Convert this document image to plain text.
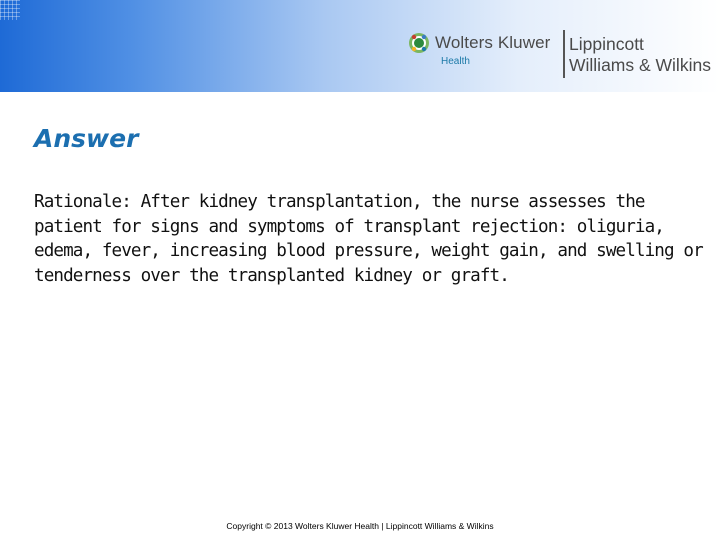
Wolters Kluwer
Health
Lippincott
Williams & Wilkins
Answer

Rationale: After kidney transplantation, the nurse assesses the patient for signs and symptoms of transplant rejection: oliguria, edema, fever, increasing blood pressure, weight gain, and swelling or tenderness over the transplanted kidney or graft.

Copyright © 2013 Wolters Kluwer Health | Lippincott Williams & Wilkins
